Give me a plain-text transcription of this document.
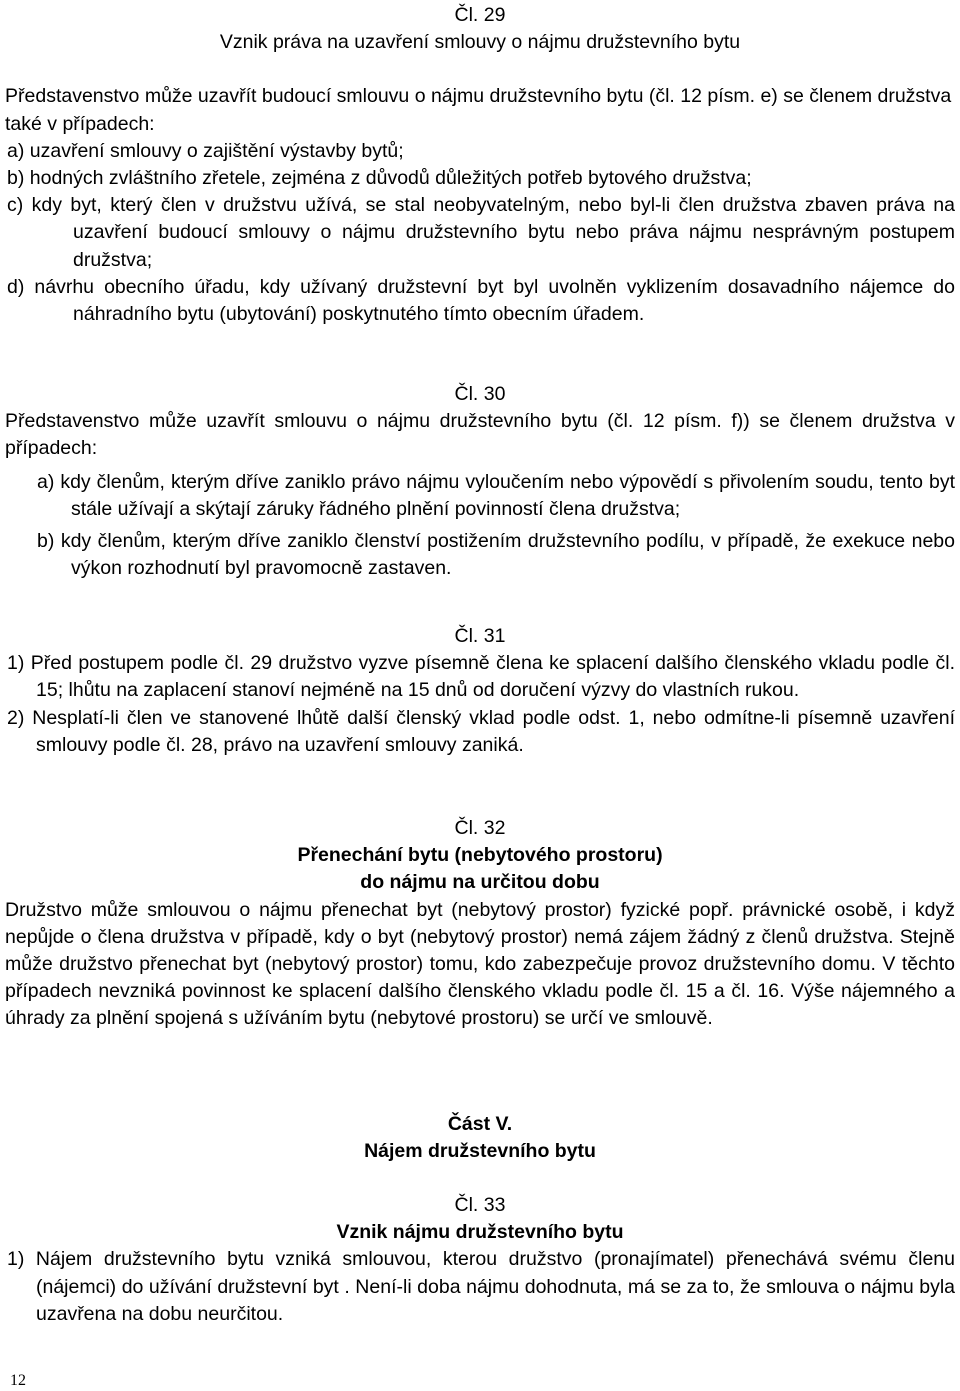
Čl. 29

Vznik práva na uzavření smlouvy o nájmu družstevního bytu

Představenstvo může uzavřít budoucí smlouvu o nájmu družstevního bytu (čl. 12 písm. e) se členem družstva také v případech:

a) uzavření smlouvy o zajištění výstavby bytů;

b) hodných zvláštního zřetele, zejména z důvodů důležitých potřeb bytového družstva;

c) kdy byt, který člen v družstvu užívá, se stal neobyvatelným, nebo byl-li člen družstva zbaven práva na uzavření budoucí smlouvy o nájmu družstevního bytu nebo práva nájmu nesprávným postupem družstva;

d) návrhu obecního úřadu, kdy užívaný družstevní byt byl uvolněn vyklizením dosavadního nájemce do náhradního bytu (ubytování) poskytnutého tímto obecním úřadem.

Čl. 30

Představenstvo může uzavřít smlouvu o nájmu družstevního bytu (čl. 12 písm. f)) se členem družstva v případech:

a) kdy členům, kterým dříve zaniklo právo nájmu vyloučením nebo výpovědí s přivolením soudu, tento byt stále užívají a skýtají záruky řádného plnění povinností člena družstva;

b) kdy členům, kterým dříve zaniklo členství postižením družstevního podílu, v případě, že exekuce nebo výkon rozhodnutí byl pravomocně zastaven.

Čl. 31

1) Před postupem podle čl. 29 družstvo vyzve písemně člena ke splacení dalšího členského vkladu podle čl. 15; lhůtu na zaplacení stanoví nejméně na 15 dnů od doručení výzvy do vlastních rukou.

2) Nesplatí-li člen ve stanovené lhůtě další členský vklad podle odst. 1, nebo odmítne-li písemně uzavření smlouvy podle čl. 28, právo na uzavření smlouvy zaniká.

Čl. 32

Přenechání bytu (nebytového prostoru)

do nájmu na určitou dobu

Družstvo může smlouvou o nájmu přenechat byt (nebytový prostor) fyzické popř. právnické osobě, i když nepůjde o člena družstva v případě, kdy o byt (nebytový prostor) nemá zájem žádný z členů družstva. Stejně může družstvo přenechat byt (nebytový prostor) tomu, kdo zabezpečuje provoz družstevního domu. V těchto případech nevzniká povinnost ke splacení dalšího členského vkladu podle čl. 15 a čl. 16. Výše nájemného a úhrady za plnění spojená s užíváním bytu (nebytové prostoru) se určí ve smlouvě.

Část V.

Nájem družstevního bytu

Čl. 33

Vznik nájmu družstevního bytu

1) Nájem družstevního bytu vzniká smlouvou, kterou družstvo (pronajímatel) přenechává svému členu (nájemci) do užívání družstevní byt . Není-li doba nájmu dohodnuta, má se za to, že smlouva o nájmu byla uzavřena na dobu neurčitou.

12
